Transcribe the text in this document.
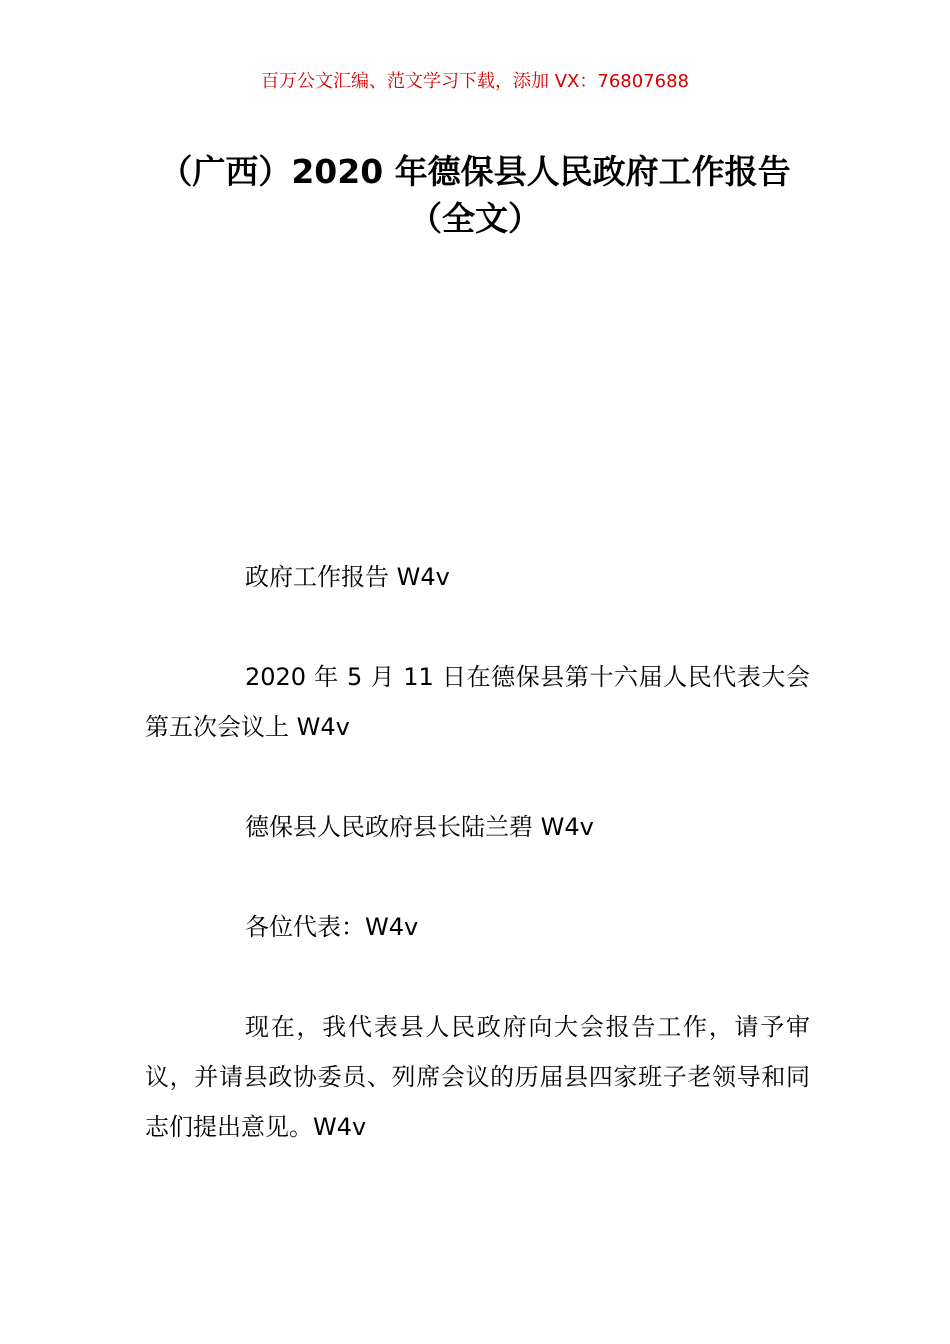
百万公文汇编、范文学习下载，添加 VX：76807688
（广西）2020 年德保县人民政府工作报告
（全文）

政府工作报告 W4v

2020 年 5 月 11 日在德保县第十六届人民代表大会第五次会议上 W4v

德保县人民政府县长陆兰碧 W4v

各位代表：W4v

现在，我代表县人民政府向大会报告工作，请予审议，并请县政协委员、列席会议的历届县四家班子老领导和同志们提出意见。W4v
